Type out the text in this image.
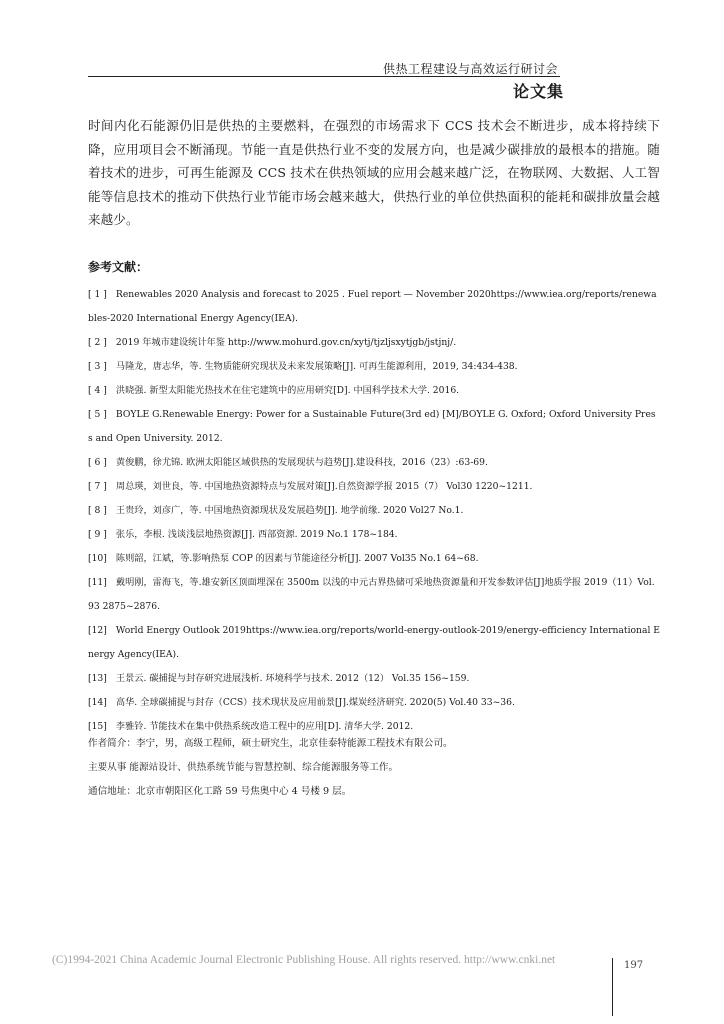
供热工程建设与高效运行研讨会
论文集
时间内化石能源仍旧是供热的主要燃料，在强烈的市场需求下 CCS 技术会不断进步，成本将持续下降，应用项目会不断涌现。节能一直是供热行业不变的发展方向，也是减少碳排放的最根本的措施。随着技术的进步，可再生能源及 CCS 技术在供热领域的应用会越来越广泛，在物联网、大数据、人工智能等信息技术的推动下供热行业节能市场会越来越大，供热行业的单位供热面积的能耗和碳排放量会越来越少。
参考文献：

[ 1 ] Renewables 2020 Analysis and forecast to 2025 . Fuel report — November 2020https://www.iea.org/reports/renewables-2020 International Energy Agency(IEA).

[ 2 ] 2019 年城市建设统计年鉴 http://www.mohurd.gov.cn/xytj/tjzljsxytjgb/jstjnj/.

[ 3 ] 马隆龙，唐志华，等. 生物质能研究现状及未来发展策略[J]. 可再生能源利用，2019, 34:434-438.

[ 4 ] 洪晓强. 新型太阳能光热技术在住宅建筑中的应用研究[D]. 中国科学技术大学. 2016.

[ 5 ] BOYLE G.Renewable Energy: Power for a Sustainable Future(3rd ed) [M]/BOYLE G. Oxford; Oxford University Press and Open University. 2012.

[ 6 ] 黄俊鹏，徐尤锦. 欧洲太阳能区域供热的发展现状与趋势[J].建设科技，2016（23）:63-69.

[ 7 ] 周总瑛，刘世良，等. 中国地热资源特点与发展对策[J].自然资源学报 2015（7） Vol30 1220~1211.

[ 8 ] 王贵玲，刘彦广，等. 中国地热资源现状及发展趋势[J]. 地学前缘. 2020 Vol27 No.1.

[ 9 ] 张乐，李根. 浅谈浅层地热资源[J]. 西部资源. 2019 No.1 178~184.

[10] 陈则韶，江斌，等.影响热泵 COP 的因素与节能途径分析[J]. 2007 Vol35 No.1 64~68.

[11] 戴明刚，雷海飞，等.雄安新区顶面埋深在 3500m 以浅的中元古界热储可采地热资源量和开发参数评估[J]地质学报 2019（11）Vol.93 2875~2876.

[12] World Energy Outlook 2019https://www.iea.org/reports/world-energy-outlook-2019/energy-efficiency International Energy Agency(IEA).

[13] 王景云. 碳捕捉与封存研究进展浅析. 环境科学与技术. 2012（12） Vol.35 156~159.

[14] 高华. 全球碳捕捉与封存（CCS）技术现状及应用前景[J].煤炭经济研究. 2020(5) Vol.40 33~36.

[15] 李雅铃. 节能技术在集中供热系统改造工程中的应用[D]. 清华大学. 2012.

作者简介：李宁，男，高级工程师，硕士研究生，北京佳泰特能源工程技术有限公司。

主要从事 能源站设计、供热系统节能与智慧控制、综合能源服务等工作。

通信地址：北京市朝阳区化工路 59 号焦奥中心 4 号楼 9 层。

(C)1994-2021 China Academic Journal Electronic Publishing House. All rights reserved. http://www.cnki.net	197
